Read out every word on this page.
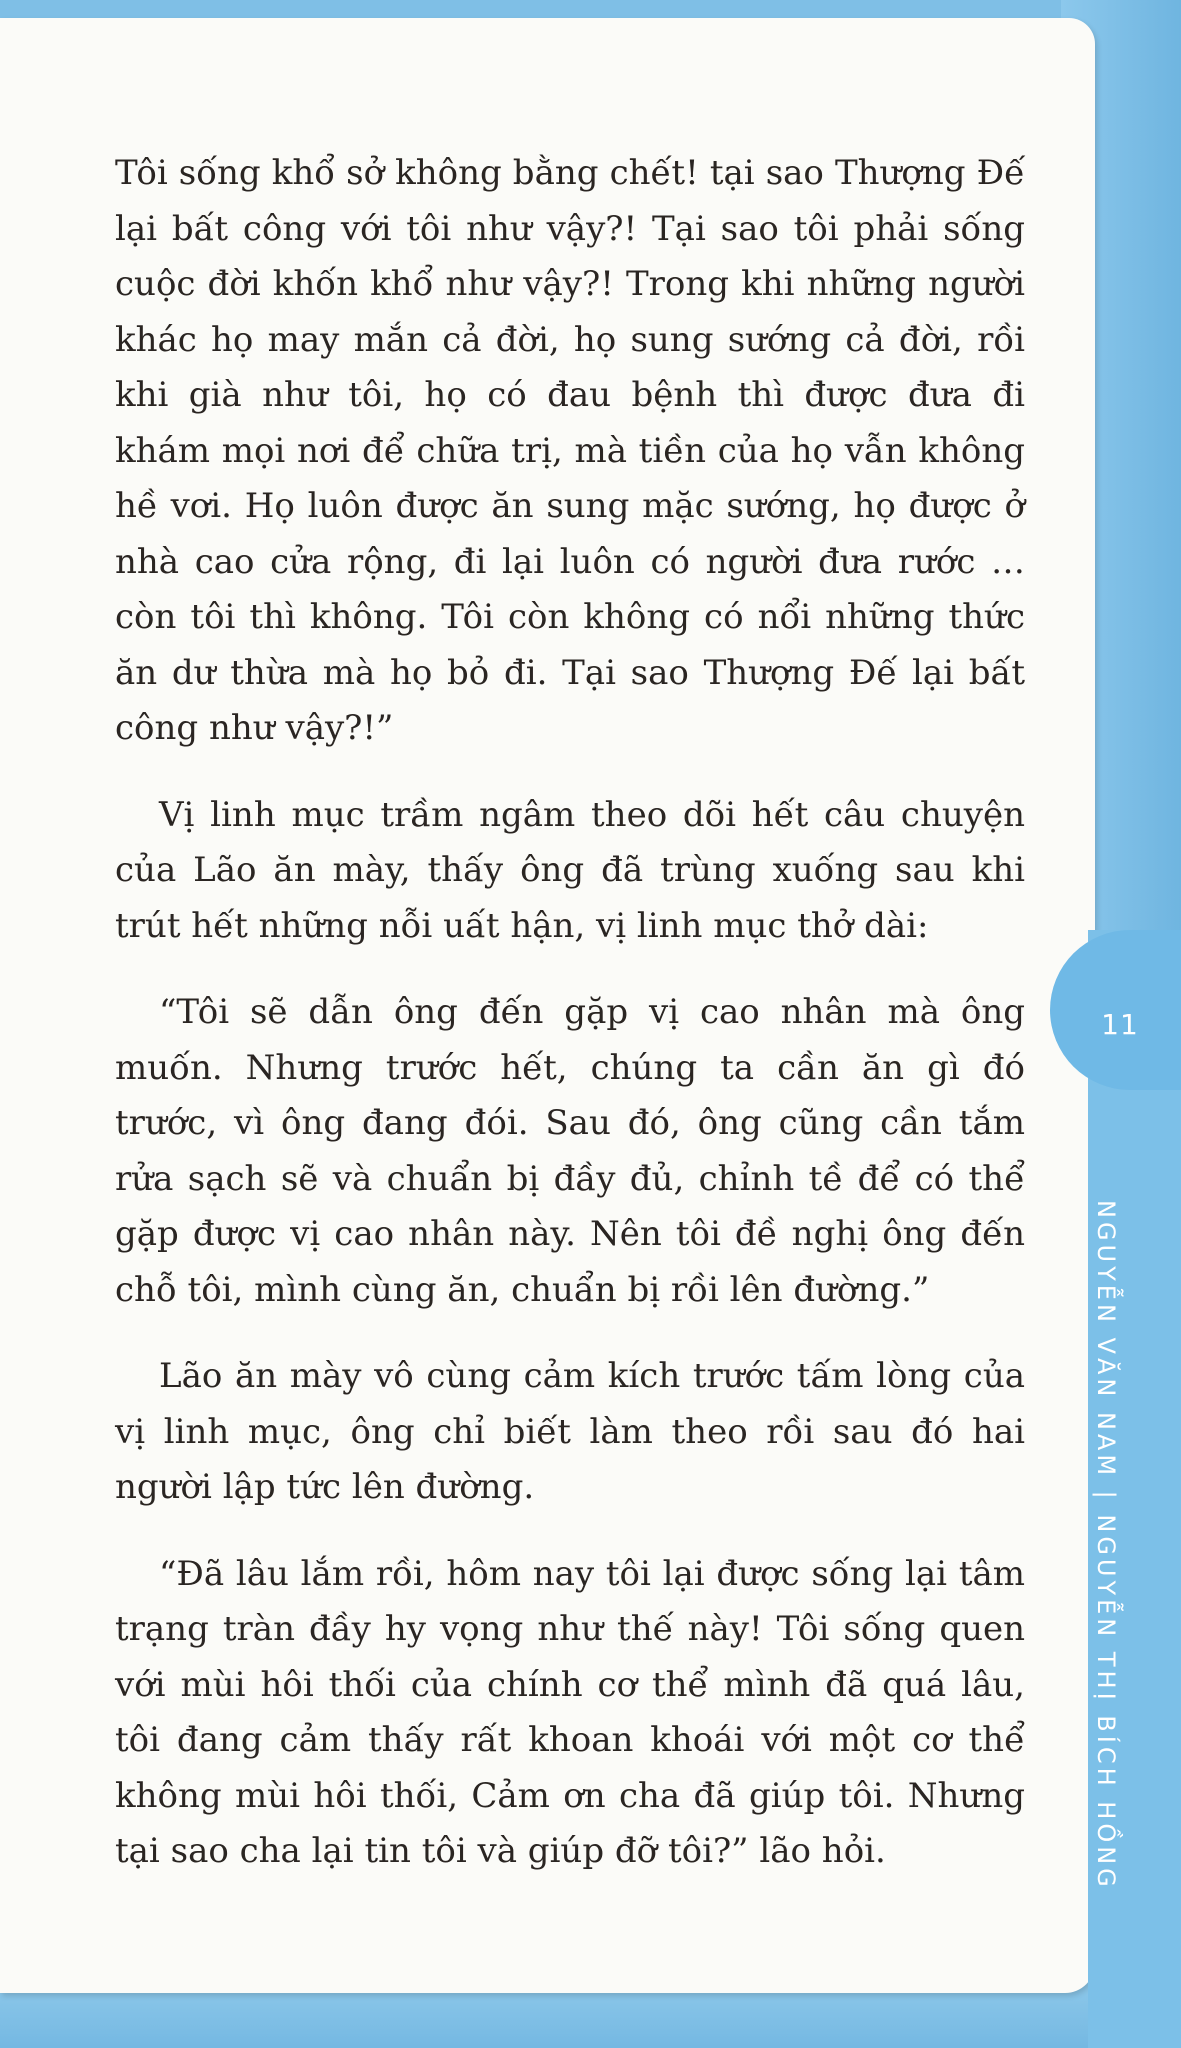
Tôi sống khổ sở không bằng chết! tại sao Thượng Đế lại bất công với tôi như vậy?! Tại sao tôi phải sống cuộc đời khốn khổ như vậy?! Trong khi những người khác họ may mắn cả đời, họ sung sướng cả đời, rồi khi già như tôi, họ có đau bệnh thì được đưa đi khám mọi nơi để chữa trị, mà tiền của họ vẫn không hề vơi. Họ luôn được ăn sung mặc sướng, họ được ở nhà cao cửa rộng, đi lại luôn có người đưa rước … còn tôi thì không. Tôi còn không có nổi những thức ăn dư thừa mà họ bỏ đi. Tại sao Thượng Đế lại bất công như vậy?!”

Vị linh mục trầm ngâm theo dõi hết câu chuyện của Lão ăn mày, thấy ông đã trùng xuống sau khi trút hết những nỗi uất hận, vị linh mục thở dài:

“Tôi sẽ dẫn ông đến gặp vị cao nhân mà ông muốn. Nhưng trước hết, chúng ta cần ăn gì đó trước, vì ông đang đói. Sau đó, ông cũng cần tắm rửa sạch sẽ và chuẩn bị đầy đủ, chỉnh tề để có thể gặp được vị cao nhân này. Nên tôi đề nghị ông đến chỗ tôi, mình cùng ăn, chuẩn bị rồi lên đường.”

Lão ăn mày vô cùng cảm kích trước tấm lòng của vị linh mục, ông chỉ biết làm theo rồi sau đó hai người lập tức lên đường.

“Đã lâu lắm rồi, hôm nay tôi lại được sống lại tâm trạng tràn đầy hy vọng như thế này! Tôi sống quen với mùi hôi thối của chính cơ thể mình đã quá lâu, tôi đang cảm thấy rất khoan khoái với một cơ thể không mùi hôi thối, Cảm ơn cha đã giúp tôi. Nhưng tại sao cha lại tin tôi và giúp đỡ tôi?” lão hỏi.

11
NGUYỄN VĂN NAM | NGUYỄN THỊ BÍCH HỒNG
